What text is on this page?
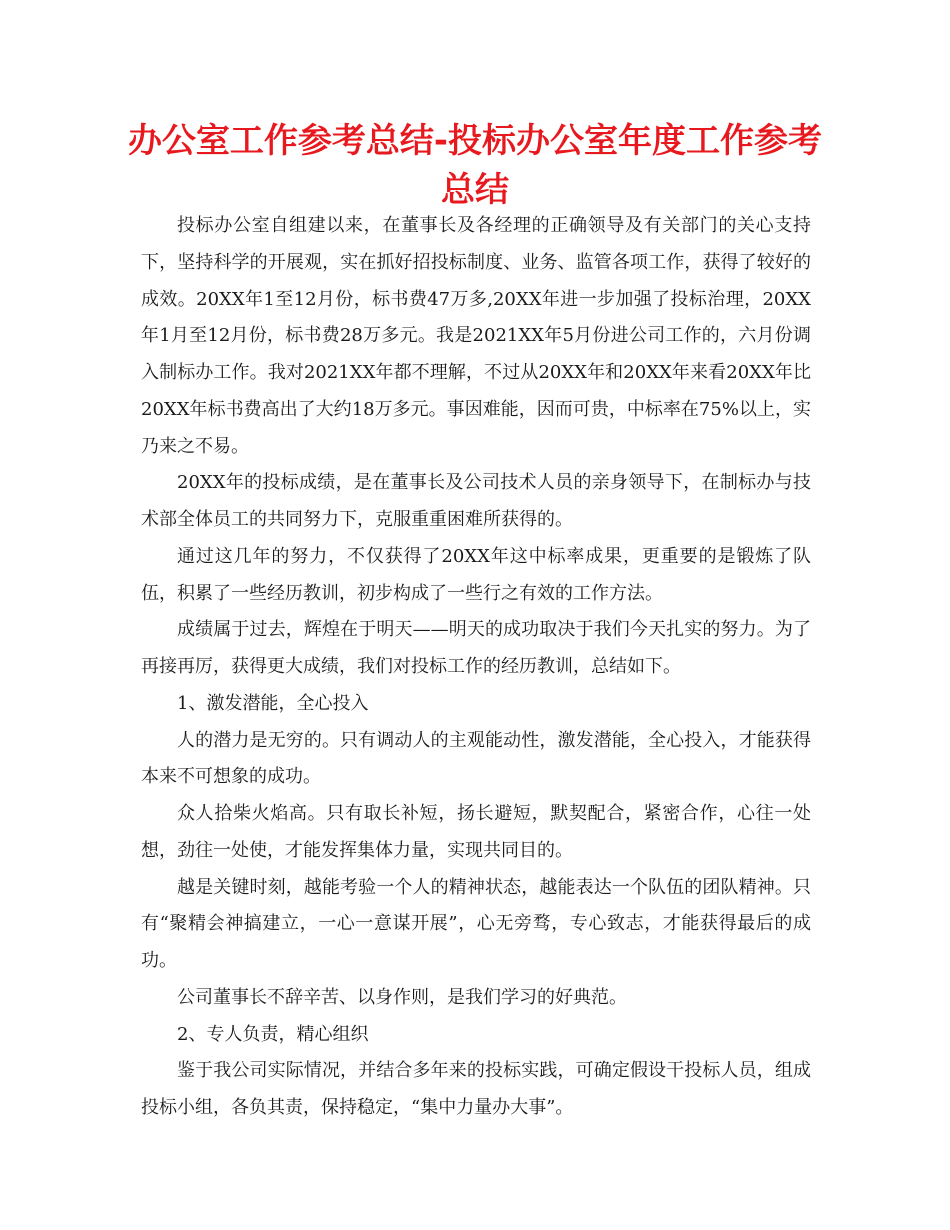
办公室工作参考总结-投标办公室年度工作参考总结

投标办公室自组建以来，在董事长及各经理的正确领导及有关部门的关心支持下，坚持科学的开展观，实在抓好招投标制度、业务、监管各项工作，获得了较好的成效。20XX年1至12月份，标书费47万多,20XX年进一步加强了投标治理，20XX年1月至12月份，标书费28万多元。我是2021XX年5月份进公司工作的，六月份调入制标办工作。我对2021XX年都不理解，不过从20XX年和20XX年来看20XX年比20XX年标书费高出了大约18万多元。事因难能，因而可贵，中标率在75%以上，实乃来之不易。

20XX年的投标成绩，是在董事长及公司技术人员的亲身领导下，在制标办与技术部全体员工的共同努力下，克服重重困难所获得的。

通过这几年的努力，不仅获得了20XX年这中标率成果，更重要的是锻炼了队伍，积累了一些经历教训，初步构成了一些行之有效的工作方法。

成绩属于过去，辉煌在于明天——明天的成功取决于我们今天扎实的努力。为了再接再厉，获得更大成绩，我们对投标工作的经历教训，总结如下。

1、激发潜能，全心投入

人的潜力是无穷的。只有调动人的主观能动性，激发潜能，全心投入，才能获得本来不可想象的成功。

众人拾柴火焰高。只有取长补短，扬长避短，默契配合，紧密合作，心往一处想，劲往一处使，才能发挥集体力量，实现共同目的。

越是关键时刻，越能考验一个人的精神状态，越能表达一个队伍的团队精神。只有“聚精会神搞建立，一心一意谋开展”，心无旁骛，专心致志，才能获得最后的成功。

公司董事长不辞辛苦、以身作则，是我们学习的好典范。

2、专人负责，精心组织

鉴于我公司实际情况，并结合多年来的投标实践，可确定假设干投标人员，组成投标小组，各负其责，保持稳定，“集中力量办大事”。
